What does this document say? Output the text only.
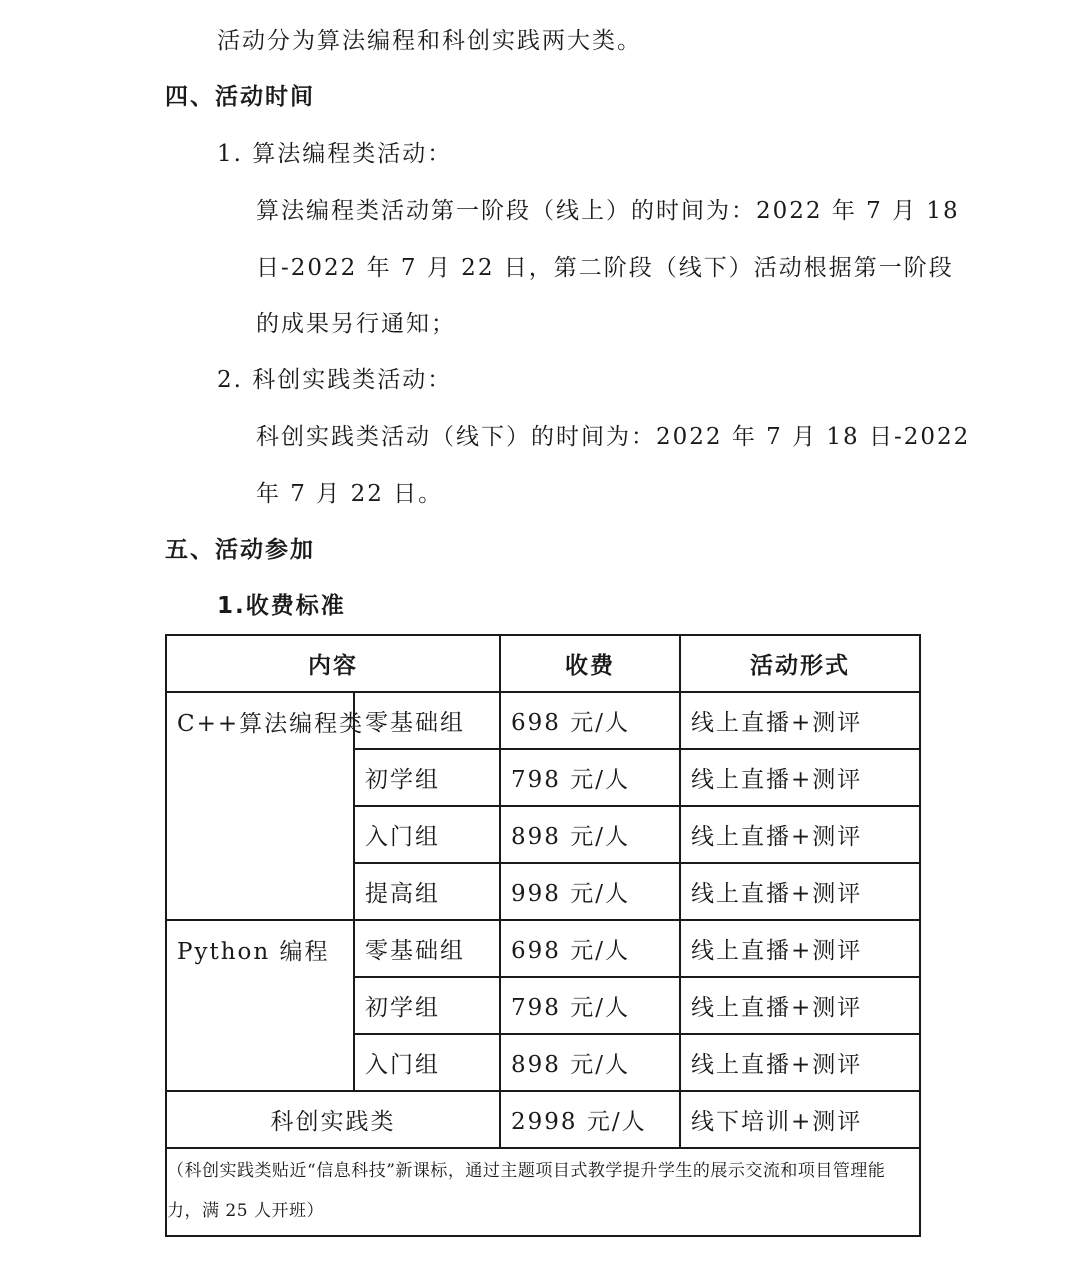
活动分为算法编程和科创实践两大类。
四、活动时间
1. 算法编程类活动：
算法编程类活动第一阶段（线上）的时间为：2022 年 7 月 18
日-2022 年 7 月 22 日，第二阶段（线下）活动根据第一阶段
的成果另行通知；
2. 科创实践类活动：
科创实践类活动（线下）的时间为：2022 年 7 月 18 日-2022
年 7 月 22 日。
五、活动参加
1.收费标准
内容		收费	活动形式
C++算法编程类	零基础组	698 元/人	线上直播+测评
	初学组	798 元/人	线上直播+测评
	入门组	898 元/人	线上直播+测评
	提高组	998 元/人	线上直播+测评
Python 编程	零基础组	698 元/人	线上直播+测评
	初学组	798 元/人	线上直播+测评
	入门组	898 元/人	线上直播+测评
科创实践类		2998 元/人	线下培训+测评
（科创实践类贴近“信息科技”新课标，通过主题项目式教学提升学生的展示交流和项目管理能力，满 25 人开班）			
